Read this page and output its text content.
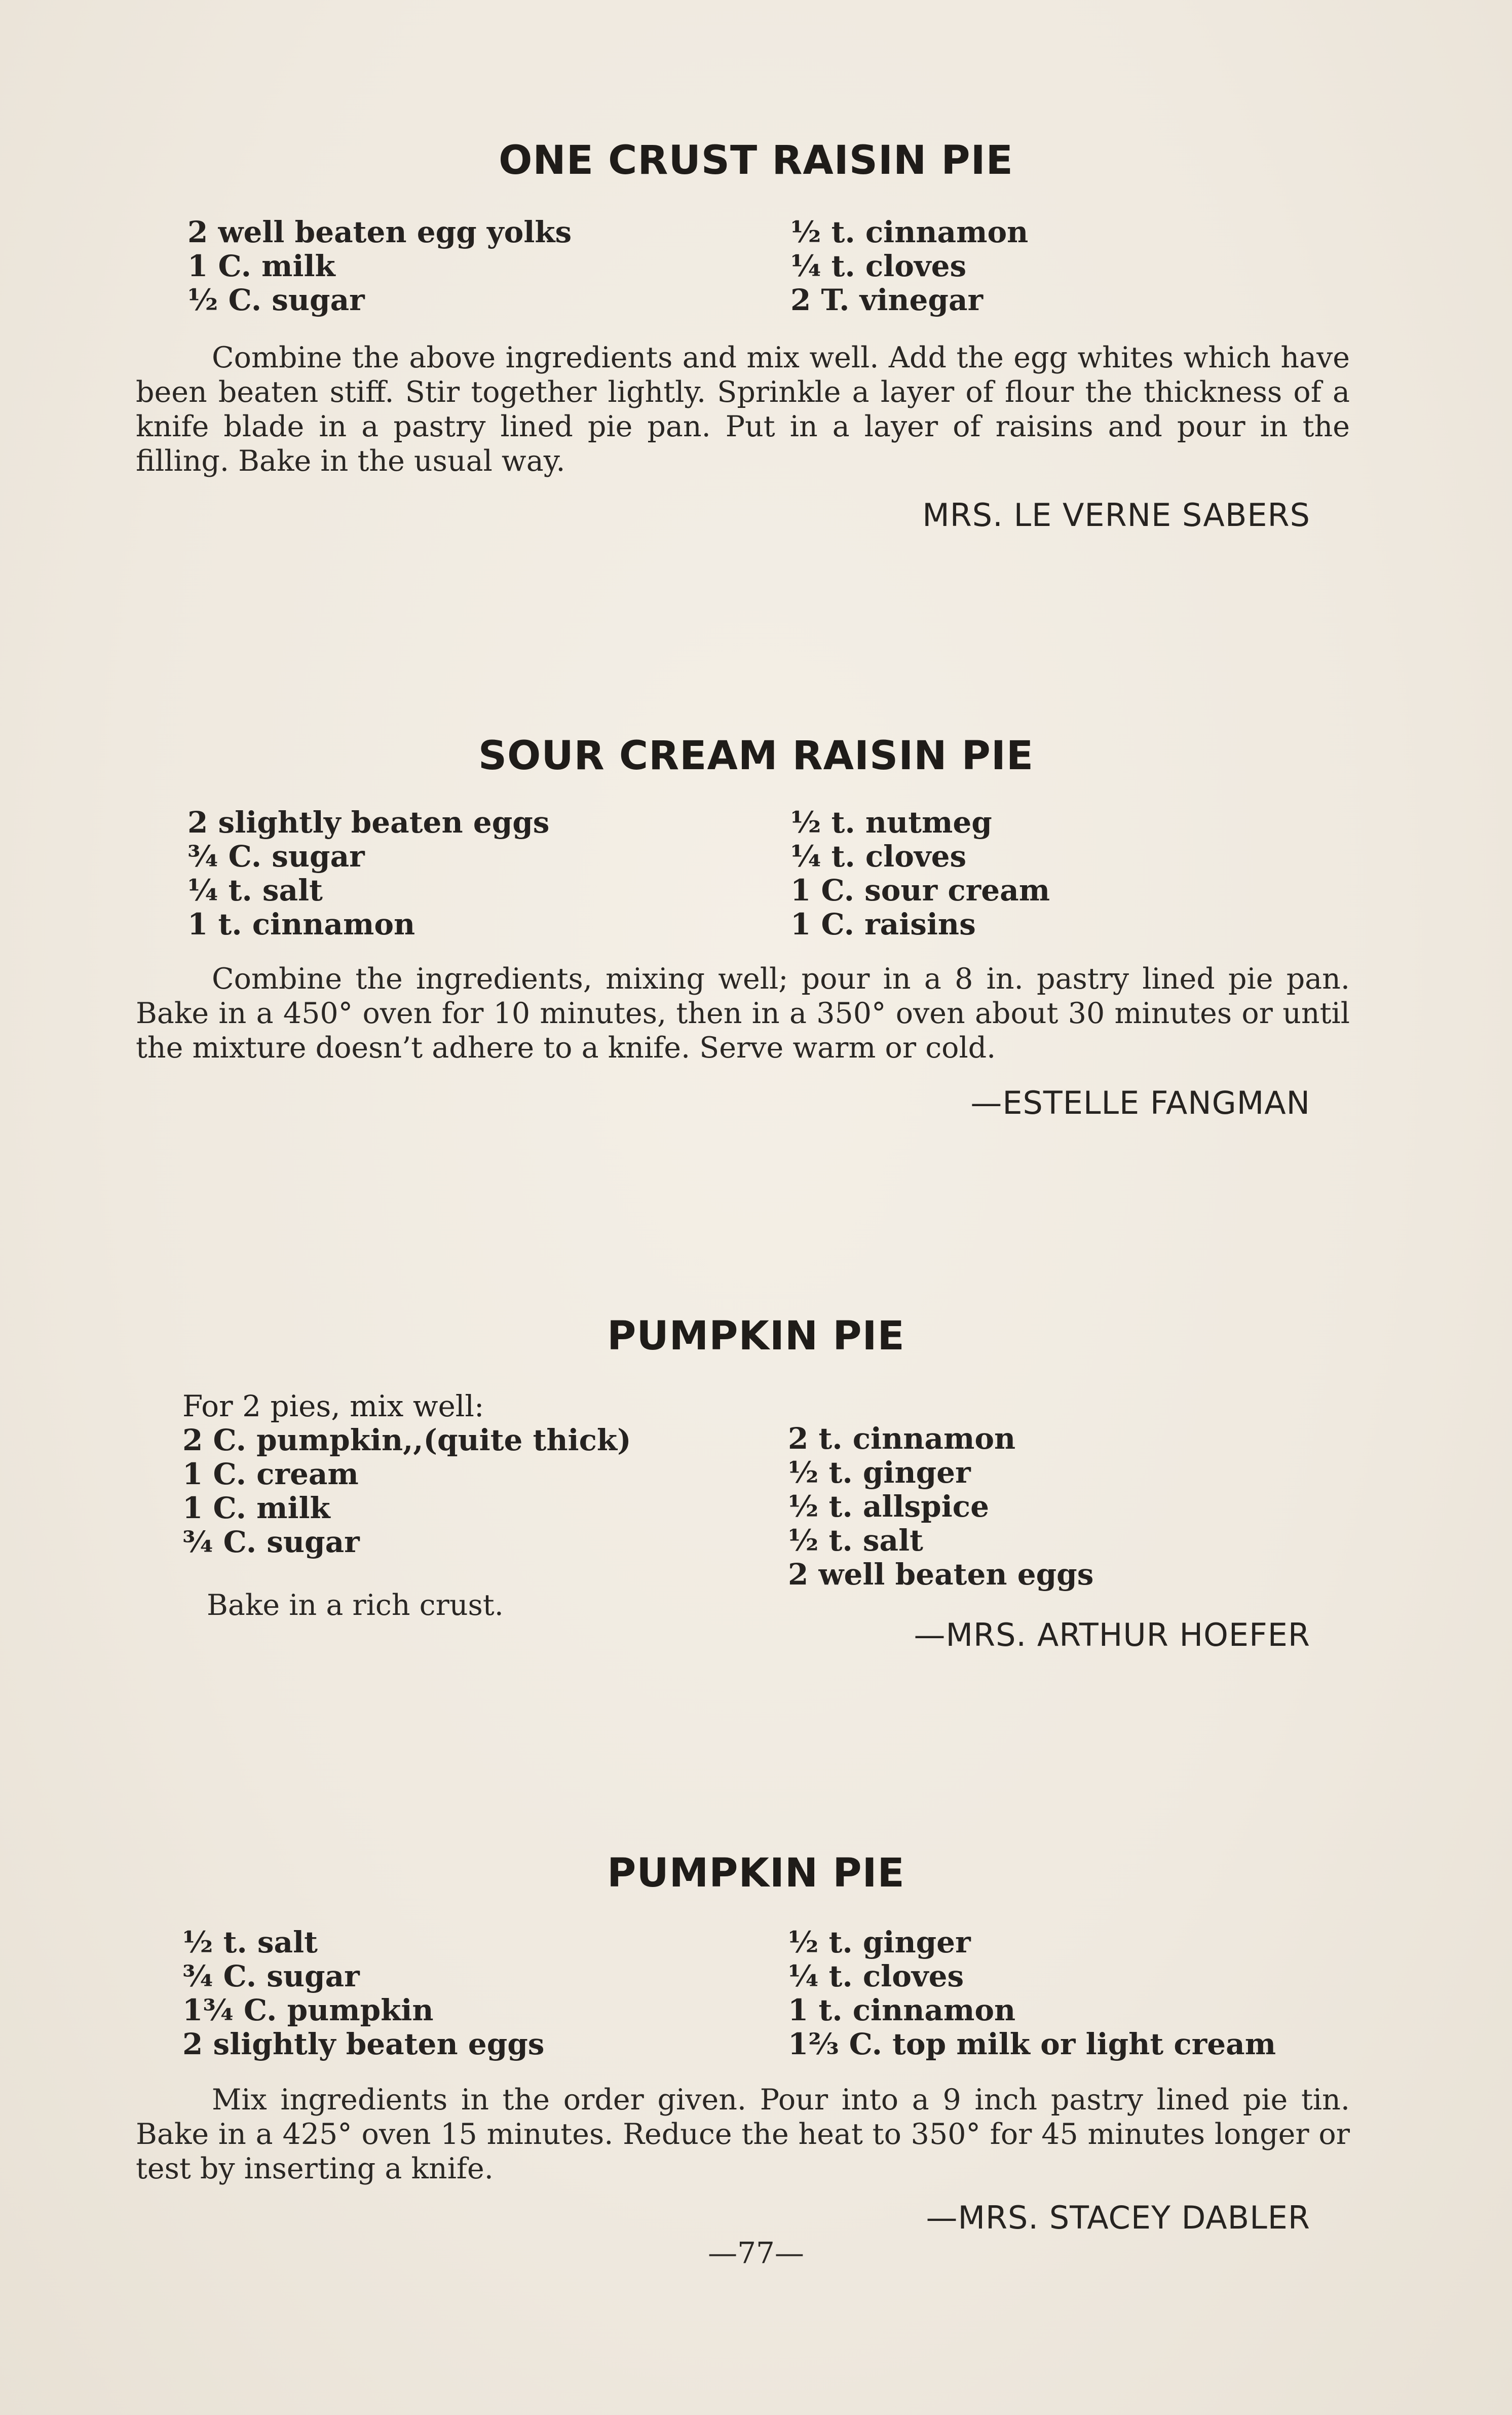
ONE CRUST RAISIN PIE
2 well beaten egg yolks
1 C. milk
½ C. sugar
½ t. cinnamon
¼ t. cloves
2 T. vinegar
Combine the above ingredients and mix well. Add the egg whites which have been beaten stiff. Stir together lightly. Sprinkle a layer of flour the thickness of a knife blade in a pastry lined pie pan. Put in a layer of raisins and pour in the filling. Bake in the usual way.
MRS. LE VERNE SABERS
SOUR CREAM RAISIN PIE
2 slightly beaten eggs
¾ C. sugar
¼ t. salt
1 t. cinnamon
½ t. nutmeg
¼ t. cloves
1 C. sour cream
1 C. raisins
Combine the ingredients, mixing well; pour in a 8 in. pastry lined pie pan. Bake in a 450° oven for 10 minutes, then in a 350° oven about 30 minutes or until the mixture doesn’t adhere to a knife. Serve warm or cold.
—ESTELLE FANGMAN
PUMPKIN PIE
For 2 pies, mix well:
2 C. pumpkin,,(quite thick)
1 C. cream
1 C. milk
¾ C. sugar
2 t. cinnamon
½ t. ginger
½ t. allspice
½ t. salt
2 well beaten eggs
Bake in a rich crust.
—MRS. ARTHUR HOEFER
PUMPKIN PIE
½ t. salt
¾ C. sugar
1¾ C. pumpkin
2 slightly beaten eggs
½ t. ginger
¼ t. cloves
1 t. cinnamon
1⅔ C. top milk or light cream
Mix ingredients in the order given. Pour into a 9 inch pastry lined pie tin. Bake in a 425° oven 15 minutes. Reduce the heat to 350° for 45 minutes longer or test by inserting a knife.
—MRS. STACEY DABLER
—77—
